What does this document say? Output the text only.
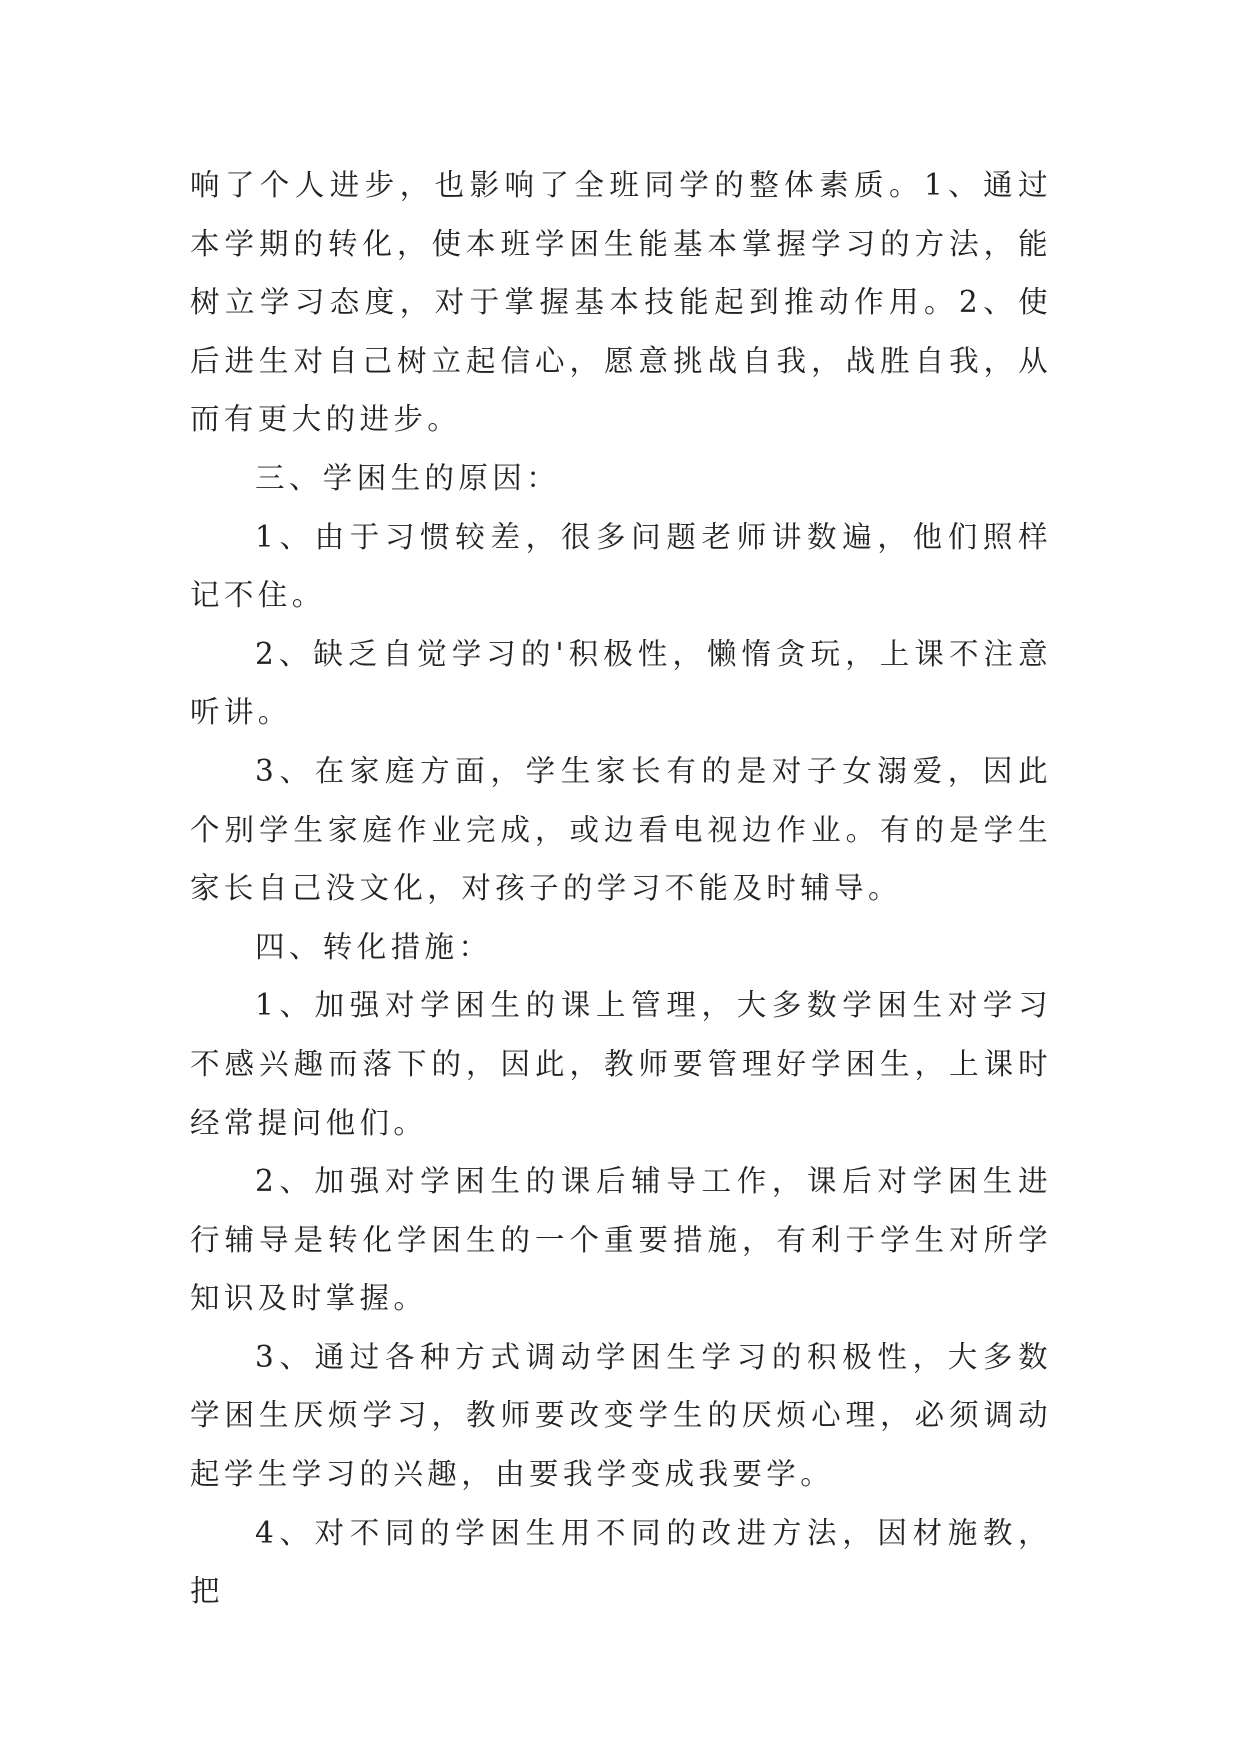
响了个人进步，也影响了全班同学的整体素质。1、通过本学期的转化，使本班学困生能基本掌握学习的方法，能树立学习态度，对于掌握基本技能起到推动作用。2、使后进生对自己树立起信心，愿意挑战自我，战胜自我，从而有更大的进步。

三、学困生的原因：

1、由于习惯较差，很多问题老师讲数遍，他们照样记不住。

2、缺乏自觉学习的'积极性，懒惰贪玩，上课不注意听讲。

3、在家庭方面，学生家长有的是对子女溺爱，因此个别学生家庭作业完成，或边看电视边作业。有的是学生家长自己没文化，对孩子的学习不能及时辅导。

四、转化措施：

1、加强对学困生的课上管理，大多数学困生对学习不感兴趣而落下的，因此，教师要管理好学困生，上课时经常提问他们。

2、加强对学困生的课后辅导工作，课后对学困生进行辅导是转化学困生的一个重要措施，有利于学生对所学知识及时掌握。

3、通过各种方式调动学困生学习的积极性，大多数学困生厌烦学习，教师要改变学生的厌烦心理，必须调动起学生学习的兴趣，由要我学变成我要学。

4、对不同的学困生用不同的改进方法，因材施教，把
